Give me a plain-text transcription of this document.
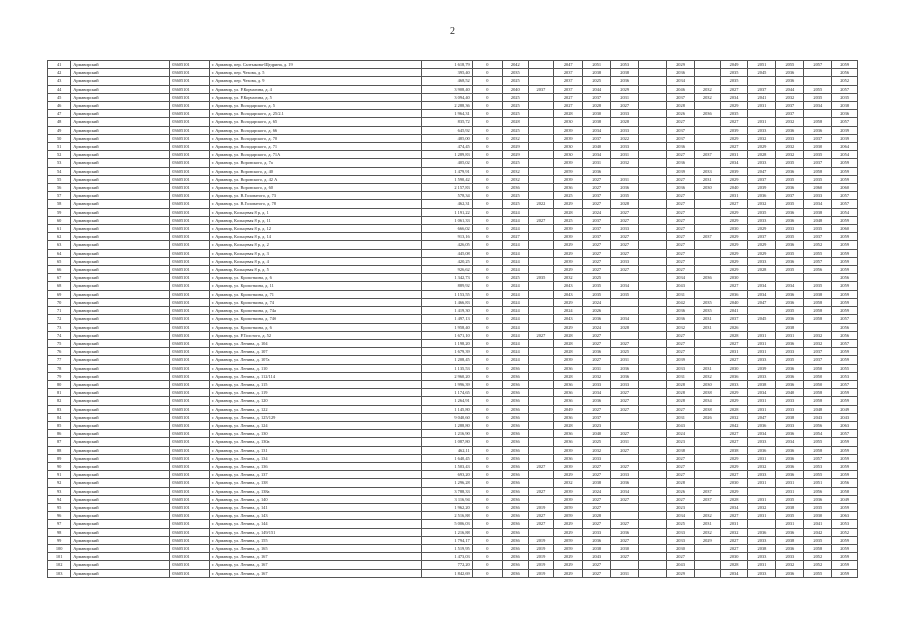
2
41	Армавирский	03605101	г. Армавир, пер. Салтыкова-Щедрина, д. 19	1 618,79	0	2042		2047	2051	2053		2029		2049	2051	2055	2057	2059
42	Армавирский	03605101	г. Армавир, пер. Чехова, д. 5	395,40	0	2035		2037	2038	2038		2036		2035	2045	2036		2056
43	Армавирский	03605101	г. Армавир, пер. Чехова, д. 9	468,52	0	2025		2037	2025	2036		2034		2035		2036		2052
44	Армавирский	03605101	г. Армавир, ул. Р.Корчагина, д. 4	3 908,40	0	2040	2037	2037	2044	2029		2046	2032	2027	2037	2044	2055	2057
45	Армавирский	03605101	г. Армавир, ул. Р.Корчагина, д. 5	3 094,40	0	2025		2027	2037	2031		2037	2032	2034	2041	2032	2035	2035
46	Армавирский	03605101	г. Армавир, ул. Володарского, д. 5	2 288,36	0	2025		2027	2028	2027		2028		2029	2031	2037	2034	2038
47	Армавирский	03605101	г. Армавир, ул. Володарского, д. 25/2.1	1 964,31	0	2025		2028	2030	2033		2026	2036	2035		2037		2036
48	Армавирский	03605101	г. Армавир, ул. Володарского, д. 65	835,72	0	2028		2030	2038	2028		2027		2027	2031	2032	2058	2057
49	Армавирский	03605101	г. Армавир, ул. Володарского, д. 66	645,92	0	2025		2039	2034	2033		2037		2039	2033	2036	2036	2039
50	Армавирский	03605101	г. Армавир, ул. Володарского, д. 70	485,00	0	2032		2039	2037	2022		2037		2029	2032	2033	2037	2039
51	Армавирский	03605101	г. Армавир, ул. Володарского, д. 71	474,45	0	2029		2030	2040	2033		2036		2027	2029	2032	2030	2064
52	Армавирский	03605101	г. Армавир, ул. Володарского, д. 71А	1 289,83	0	2029		2030	2034	2031		2027	2037	2031	2028	2032	2035	2054
53	Армавирский	03605101	г. Армавир, ул. Воровского, д. 7а	405,02	0	2025		2039	2031	2032		2036		2034	2033	2035	2037	2059
54	Армавирский	03605101	г. Армавир, ул. Воровского, д. 40	1 479,91	0	2032		2059	2036			2039	2033	2039	2047	2036	2058	2059
55	Армавирский	03605101	г. Армавир, ул. Воровского, д. 42 А	1 590,42	0	2032		2039	2027	2031		2027	2031	2029	2037	2035	2035	2059
56	Армавирский	03605101	г. Армавир, ул. Воровского, д. 60	2 157,83	0	2036		2036	2027	2036		2036	2030	2040	2039	2036	2060	2060
57	Армавирский	03605101	г. Армавир, ул. В.Головатого, д. 73	578,34	0	2025		2025	2037	2035		2027		2031	2036	2037	2033	2057
58	Армавирский	03605101	г. Армавир, ул. В.Головатого, д. 78	462,31	0	2025	2022	2029	2027	2028		2027		2027	2032	2035	2034	2057
59	Армавирский	03605101	г. Армавир, Кольцевая 8 р, д. 1	1 191,22	0	2024		2028	2024	2027		2027		2029	2035	2036	2038	2054
60	Армавирский	03605101	г. Армавир, Кольцевая 8 р, д. 11	1 061,33	0	2024	2027	2025	2037	2027		2027		2029	2033	2036	2048	2059
61	Армавирский	03605101	г. Армавир, Кольцевая 8 р, д. 12	666,02	0	2024		2039	2037	2033		2027		2030	2029	2033	2035	2060
62	Армавирский	03605101	г. Армавир, Кольцевая 8 р, д. 14	913,16	0	2027		2039	2037	2027		2027	2037	2029	2037	2035	2037	2059
63	Армавирский	03605101	г. Армавир, Кольцевая 8 р, д. 2	426,05	0	2024		2029	2027	2027		2027		2029	2029	2036	2052	2059
64	Армавирский	03605101	г. Армавир, Кольцевая 8 р, д. 3	445,08	0	2024		2029	2027	2027		2027		2029	2029	2035	2055	2059
65	Армавирский	03605101	г. Армавир, Кольцевая 8 р, д. 4	420,25	0	2024		2039	2027	2033		2027		2029	2033	2036	2057	2059
66	Армавирский	03605101	г. Армавир, Кольцевая 8 р, д. 5	926,62	0	2024		2029	2027	2027		2027		2029	2028	2035	2056	2059
67	Армавирский	03605101	г. Армавир, ул. Кропоткина, д. 6	1 342,73	0	2025	2035	2032	2025			2034	2036	2030				2056
68	Армавирский	03605101	г. Армавир, ул. Кропоткина, д. 11	889,92	0	2024		2043	2035	2034		2043		2027	2034	2034	2035	2059
69	Армавирский	03605101	г. Армавир, ул. Кропоткина, д. 71	1 153,55	0	2024		2043	2035	2035		2031		2036	2034	2036	2038	2059
70	Армавирский	03605101	г. Армавир, ул. Кропоткина, д. 74	1 466,83	0	2024		2029	2024			2042	2035	2040	2047	2036	2058	2059
71	Армавирский	03605101	г. Армавир, ул. Кропоткина, д. 74а	1 419,30	0	2024		2024	2026			2036	2035	2041		2035	2058	2059
72	Армавирский	03605101	г. Армавир, ул. Кропоткина, д. 74б	1 497,13	0	2024		2043	2036	2034		2036	2031	2037	2045	2036	2058	2057
73	Армавирский	03605101	г. Армавир, ул. Кропоткина, д. 6	1 958,40	0	2024		2029	2024	2028		2032	2031	2026		2038		2056
74	Армавирский	03605101	г. Армавир, ул. Р.Толстого, д. 52	1 671,10	0	2024	2027	2028	2027			2027		2028	2031	2031	2032	2056
75	Армавирский	03605101	г. Армавир, ул. Ленина, д. 104	1 198,20	0	2024		2028	2027	2027		2027		2027	2031	2036	2032	2057
76	Армавирский	03605101	г. Армавир, ул. Ленина, д. 107	1 679,39	0	2024		2028	2036	2025		2027		2031	2031	2033	2037	2059
77	Армавирский	03605101	г. Армавир, ул. Ленина, д. 107а	1 208,45	0	2024		2039	2027	2031		2039		2027	2033	2035	2037	2059
78	Армавирский	03605101	г. Армавир, ул. Ленина, д. 110	1 135,53	0	2036		2036	2031	2036		2033	2031	2030	2039	2036	2050	2055
79	Армавирский	03605101	г. Армавир, ул. Ленина, д. 112/114	2 960,20	0	2036		2028	2032	2036		2031	2032	2036	2033	2036	2050	2053
80	Армавирский	03605101	г. Армавир, ул. Ленина, д. 115	1 996,39	0	2036		2036	2033	2033		2028	2030	2033	2038	2036	2050	2057
81	Армавирский	03605101	г. Армавир, ул. Ленина, д. 119	1 174,65	0	2036		2036	2034	2027		2028	2038	2029	2034	2040	2058	2059
82	Армавирский	03605101	г. Армавир, ул. Ленина, д. 120	1 264,91	0	2036		2036	2036	2027		2028	2034	2029	2031	2033	2058	2059
83	Армавирский	03605101	г. Армавир, ул. Ленина, д. 122	1 145,80	0	2036		2049	2027	2027		2027	2038	2028	2031	2033	2048	2049
84	Армавирский	03605101	г. Армавир, ул. Ленина, д. 125/129	9 040,60	0	2036		2036	2037			2031	2026	2032	2047	2038	2043	2043
85	Армавирский	03605101	г. Армавир, ул. Ленина, д. 124	1 288,80	0	2036		2028	2023			2043		2042	2036	2033	2056	2063
86	Армавирский	03605101	г. Армавир, ул. Ленина, д. 130	1 216,90	0	2036		2036	2040	2027		2024		2027	2034	2036	2054	2057
87	Армавирский	03605101	г. Армавир, ул. Ленина, д. 130а	1 087,80	0	2036		2036	2025	2031		2023		2027	2033	2034	2055	2059
88	Армавирский	03605101	г. Армавир, ул. Ленина, д. 131	462,11	0	2036		2039	2032	2027		2038		2038	2036	2036	2058	2059
89	Армавирский	03605101	г. Армавир, ул. Ленина, д. 134	1 640,45	0	2036		2036	2033			2027		2029	2031	2036	2057	2059
90	Армавирский	03605101	г. Армавир, ул. Ленина, д. 136	1 503,43	0	2036	2027	2039	2027	2027		2027		2029	2032	2036	2053	2059
91	Армавирский	03605101	г. Армавир, ул. Ленина, д. 137	693,20	0	2036		2029	2027	2033		2027		2027	2033	2036	2055	2059
92	Армавирский	03605101	г. Армавир, ул. Ленина, д. 138	1 296,28	0	2036		2032	2038	2036		2028		2030	2031	2031	2051	2056
93	Армавирский	03605101	г. Армавир, ул. Ленина, д. 138а	3 788,33	0	2036	2027	2039	2024	2034		2026	2037	2029		2031	2056	2058
94	Армавирский	03605101	г. Армавир, ул. Ленина, д. 140	3 116,94	0	2036		2039	2027	2027		2027	2037	2028	2031	2035	2036	2049
95	Армавирский	03605101	г. Армавир, ул. Ленина, д. 141	1 962,20	0	2036	2019	2059	2027			2023		2034	2032	2038	2035	2059
96	Армавирский	03605101	г. Армавир, ул. Ленина, д. 143	2 516,88	0	2036	2027	2059	2028			2034	2032	2027	2031	2035	2030	2063
97	Армавирский	03605101	г. Армавир, ул. Ленина, д. 144	5 006,03	0	2036	2027	2029	2027	2027		2025	2031	2031		2031	2041	2053
98	Армавирский	03605101	г. Армавир, ул. Ленина, д. 149/151	1 216,88	0	2036		2029	2033	2036		2033	2032	2032	2036	2036	2042	2052
99	Армавирский	03605101	г. Армавир, ул. Ленина, д. 155	1 794,17	0	2036	2019	2059	2036	2027		2033	2029	2027	2033	2038	2035	2059
100	Армавирский	03605101	г. Армавир, ул. Ленина, д. 165	1 519,95	0	2036	2019	2059	2038	2030		2030		2027	2038	2036	2058	2059
101	Армавирский	03605101	г. Армавир, ул. Ленина, д. 167	1 473,03	0	2036	2019	2029	2043	2027		2027		2030	2033	2033	2052	2059
102	Армавирский	03605101	г. Армавир, ул. Ленина, д. 167	772,20	0	2036	2019	2029	2027			2043		2028	2031	2032	2052	2059
103	Армавирский	03605101	г. Армавир, ул. Ленина, д. 167	1 842,69	0	2036	2019	2029	2027	2031		2029		2034	2033	2036	2055	2059
